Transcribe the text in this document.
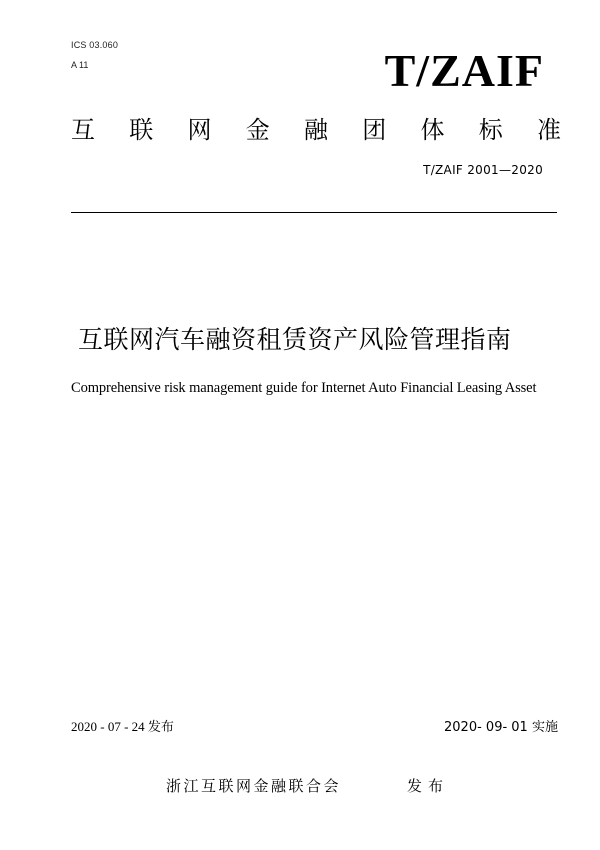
ICS 03.060
A 11	T/ZAIF
互 联 网 金 融 团 体 标 准
T/ZAIF 2001—2020
互联网汽车融资租赁资产风险管理指南
Comprehensive risk management guide for Internet Auto Financial Leasing Asset
2020 - 07 - 24 发布	2020- 09- 01 实施
浙江互联网金融联合会	发布
